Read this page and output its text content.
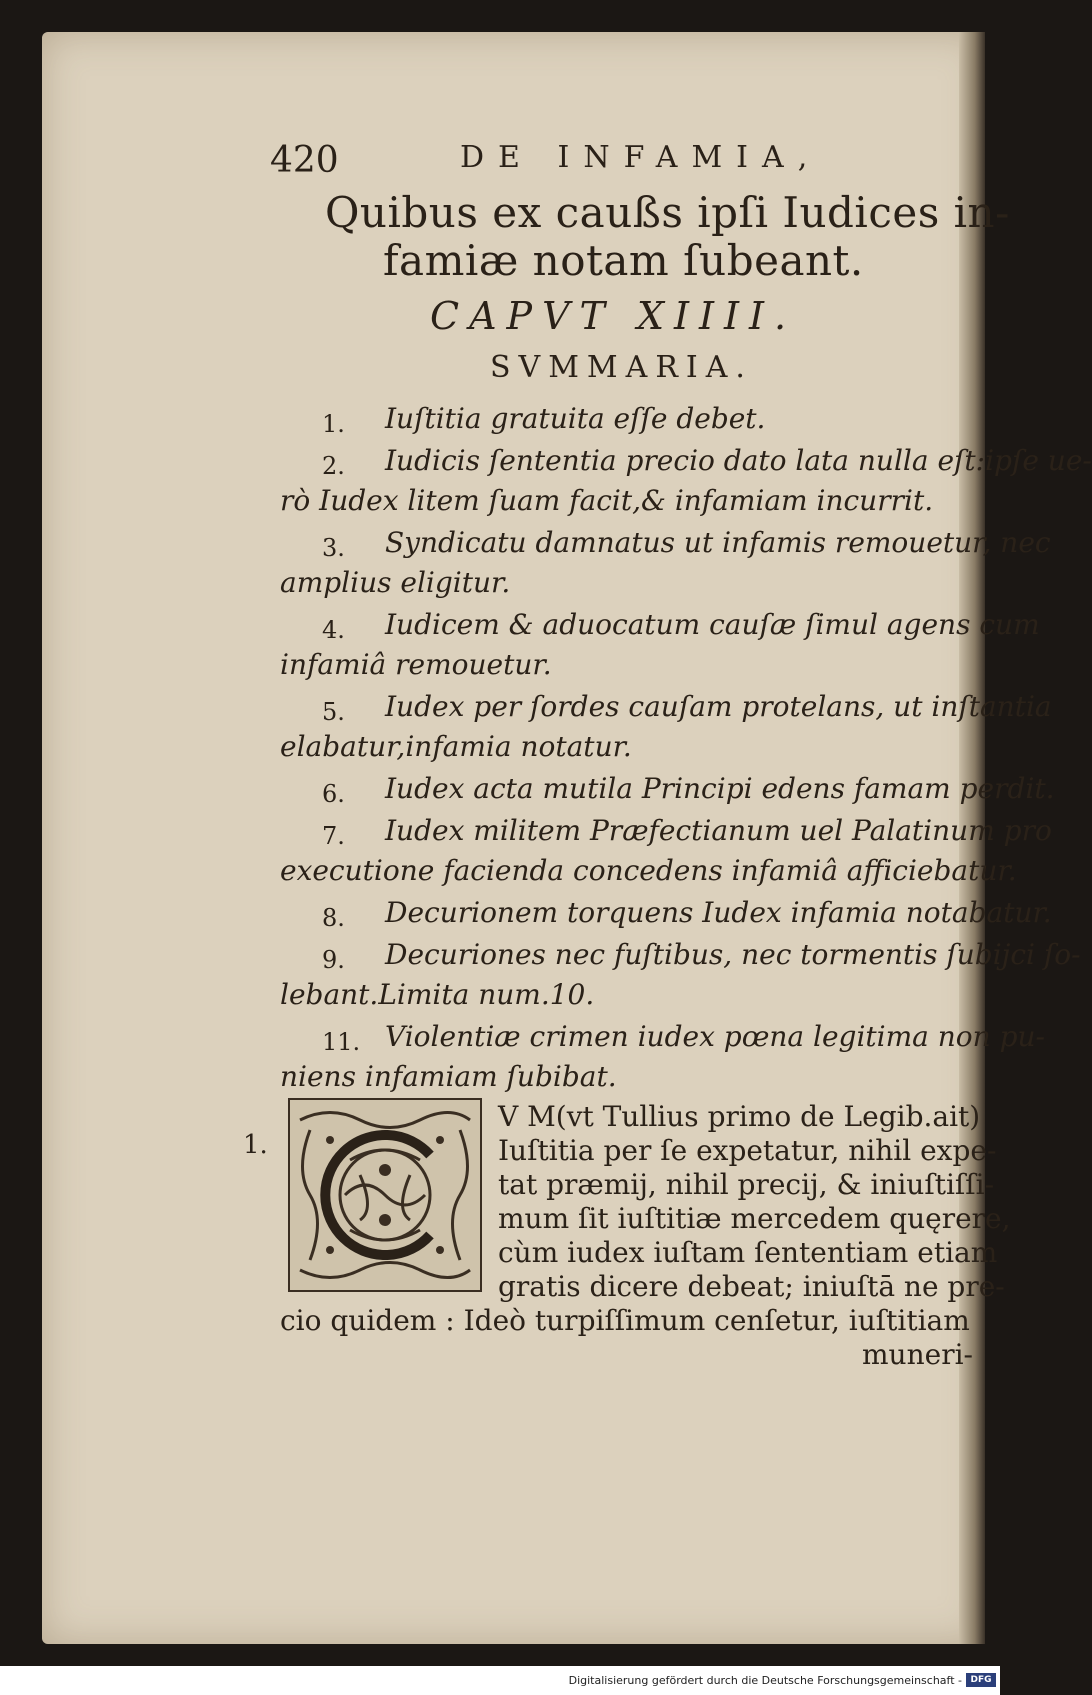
420	DE INFAMIA,
Quibus ex caußs ipſi Iudices in-
famiæ notam ſubeant.
CAPVT XIIII.
SVMMARIA.
1. Iuſtitia gratuita eſſe debet.
2. Iudicis ſententia precio dato lata nulla eſt:ipſe ue-
rò Iudex litem ſuam facit,& infamiam incurrit.
3. Syndicatu damnatus ut infamis remouetur, nec
amplius eligitur.
4. Iudicem & aduocatum cauſæ ſimul agens cum
infamiâ remouetur.
5. Iudex per ſordes cauſam protelans, ut inſtantia
elabatur,infamia notatur.
6. Iudex acta mutila Principi edens famam perdit.
7. Iudex militem Præfectianum uel Palatinum pro
executione facienda concedens infamiâ afficiebatur.
8. Decurionem torquens Iudex infamia notabatur.
9. Decuriones nec fuſtibus, nec tormentis ſubijci ſo-
lebant.Limita num.10.
11. Violentiæ crimen iudex pœna legitima non pu-
niens infamiam ſubibat.
1.
V M(vt Tullius primo de Legib.ait)
Iuſtitia per ſe expetatur, nihil expe-
tat præmij, nihil precij, & iniuſtiſſi-
mum ſit iuſtitiæ mercedem quęrere,
cùm iudex iuſtam ſententiam etiam
gratis dicere debeat; iniuſtā ne pre-
cio quidem : Ideò turpiſſimum cenſetur, iuſtitiam
muneri-
Digitalisierung gefördert durch die Deutsche Forschungsgemeinschaft - DFG
